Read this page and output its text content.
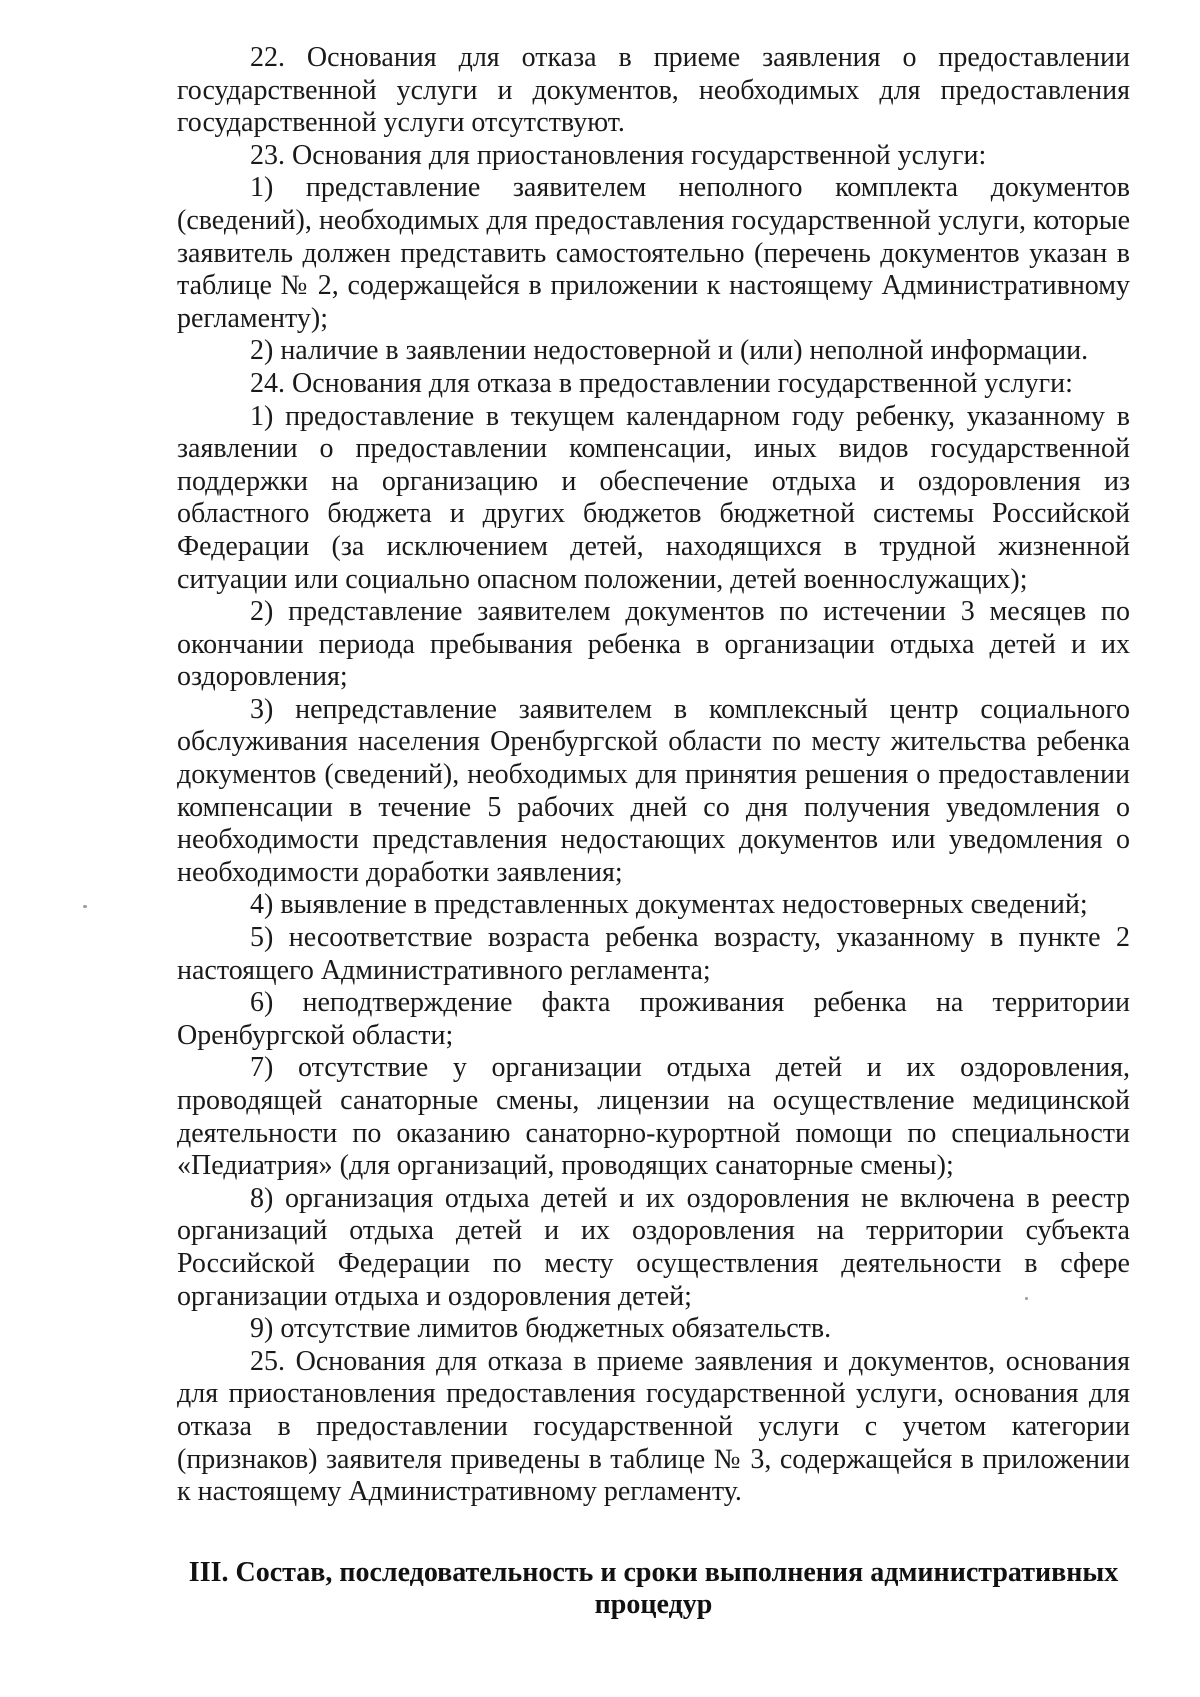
22. Основания для отказа в приеме заявления о предоставлении государственной услуги и документов, необходимых для предоставления государственной услуги отсутствуют.

23. Основания для приостановления государственной услуги:

1) представление заявителем неполного комплекта документов (сведений), необходимых для предоставления государственной услуги, которые заявитель должен представить самостоятельно (перечень документов указан в таблице № 2, содержащейся в приложении к настоящему Административному регламенту);

2) наличие в заявлении недостоверной и (или) неполной информации.

24. Основания для отказа в предоставлении государственной услуги:

1) предоставление в текущем календарном году ребенку, указанному в заявлении о предоставлении компенсации, иных видов государственной поддержки на организацию и обеспечение отдыха и оздоровления из областного бюджета и других бюджетов бюджетной системы Российской Федерации (за исключением детей, находящихся в трудной жизненной ситуации или социально опасном положении, детей военнослужащих);

2) представление заявителем документов по истечении 3 месяцев по окончании периода пребывания ребенка в организации отдыха детей и их оздоровления;

3) непредставление заявителем в комплексный центр социального обслуживания населения Оренбургской области по месту жительства ребенка документов (сведений), необходимых для принятия решения о предоставлении компенсации в течение 5 рабочих дней со дня получения уведомления о необходимости представления недостающих документов или уведомления о необходимости доработки заявления;

4) выявление в представленных документах недостоверных сведений;

5) несоответствие возраста ребенка возрасту, указанному в пункте 2 настоящего Административного регламента;

6) неподтверждение факта проживания ребенка на территории Оренбургской области;

7) отсутствие у организации отдыха детей и их оздоровления, проводящей санаторные смены, лицензии на осуществление медицинской деятельности по оказанию санаторно-курортной помощи по специальности «Педиатрия» (для организаций, проводящих санаторные смены);

8) организация отдыха детей и их оздоровления не включена в реестр организаций отдыха детей и их оздоровления на территории субъекта Российской Федерации по месту осуществления деятельности в сфере организации отдыха и оздоровления детей;

9) отсутствие лимитов бюджетных обязательств.

25. Основания для отказа в приеме заявления и документов, основания для приостановления предоставления государственной услуги, основания для отказа в предоставлении государственной услуги с учетом категории (признаков) заявителя приведены в таблице № 3, содержащейся в приложении к настоящему Административному регламенту.

III. Состав, последовательность и сроки выполнения административных процедур
